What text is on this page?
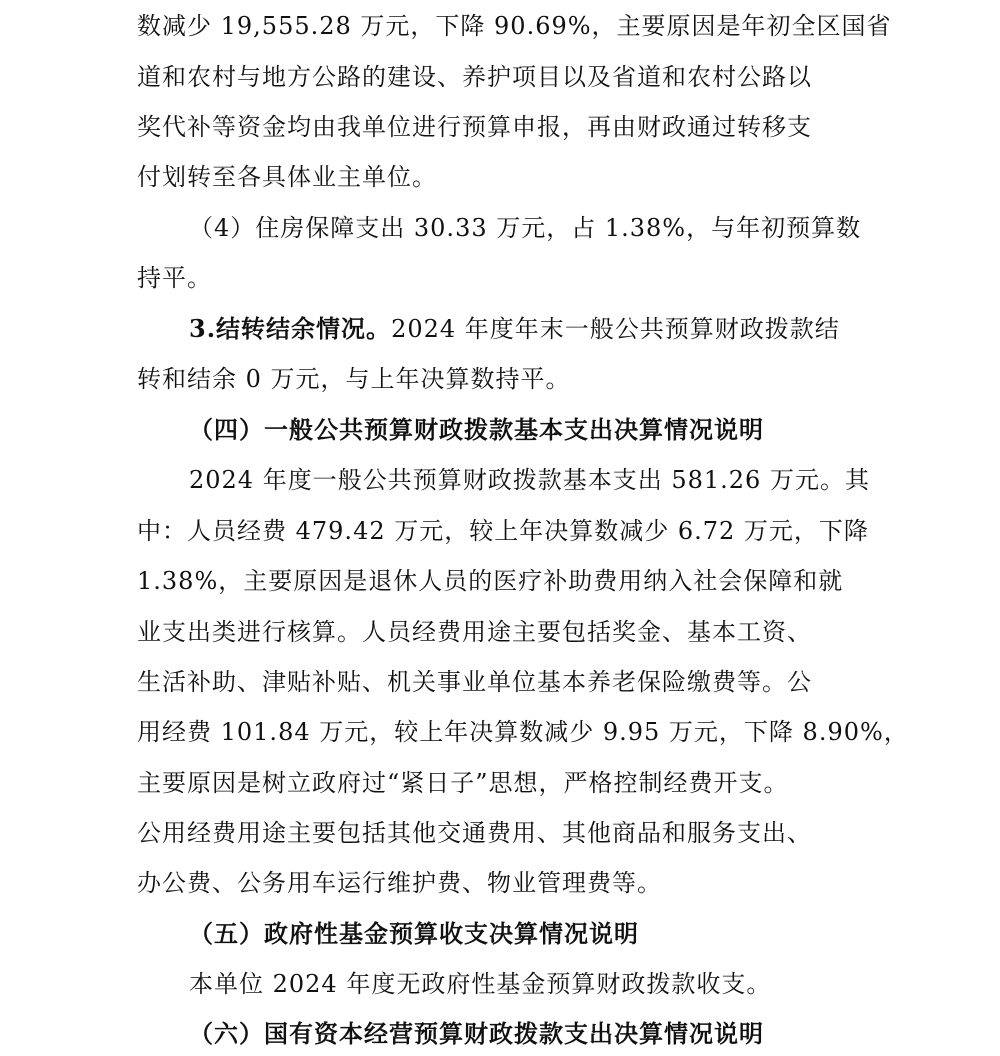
数减少 19,555.28 万元，下降 90.69%，主要原因是年初全区国省
道和农村与地方公路的建设、养护项目以及省道和农村公路以
奖代补等资金均由我单位进行预算申报，再由财政通过转移支
付划转至各具体业主单位。
（4）住房保障支出 30.33 万元，占 1.38%，与年初预算数
持平。
3.结转结余情况。2024 年度年末一般公共预算财政拨款结
转和结余 0 万元，与上年决算数持平。
（四）一般公共预算财政拨款基本支出决算情况说明
2024 年度一般公共预算财政拨款基本支出 581.26 万元。其
中：人员经费 479.42 万元，较上年决算数减少 6.72 万元，下降
1.38%，主要原因是退休人员的医疗补助费用纳入社会保障和就
业支出类进行核算。人员经费用途主要包括奖金、基本工资、
生活补助、津贴补贴、机关事业单位基本养老保险缴费等。公
用经费 101.84 万元，较上年决算数减少 9.95 万元，下降 8.90%，
主要原因是树立政府过“紧日子”思想，严格控制经费开支。
公用经费用途主要包括其他交通费用、其他商品和服务支出、
办公费、公务用车运行维护费、物业管理费等。
（五）政府性基金预算收支决算情况说明
本单位 2024 年度无政府性基金预算财政拨款收支。
（六）国有资本经营预算财政拨款支出决算情况说明
